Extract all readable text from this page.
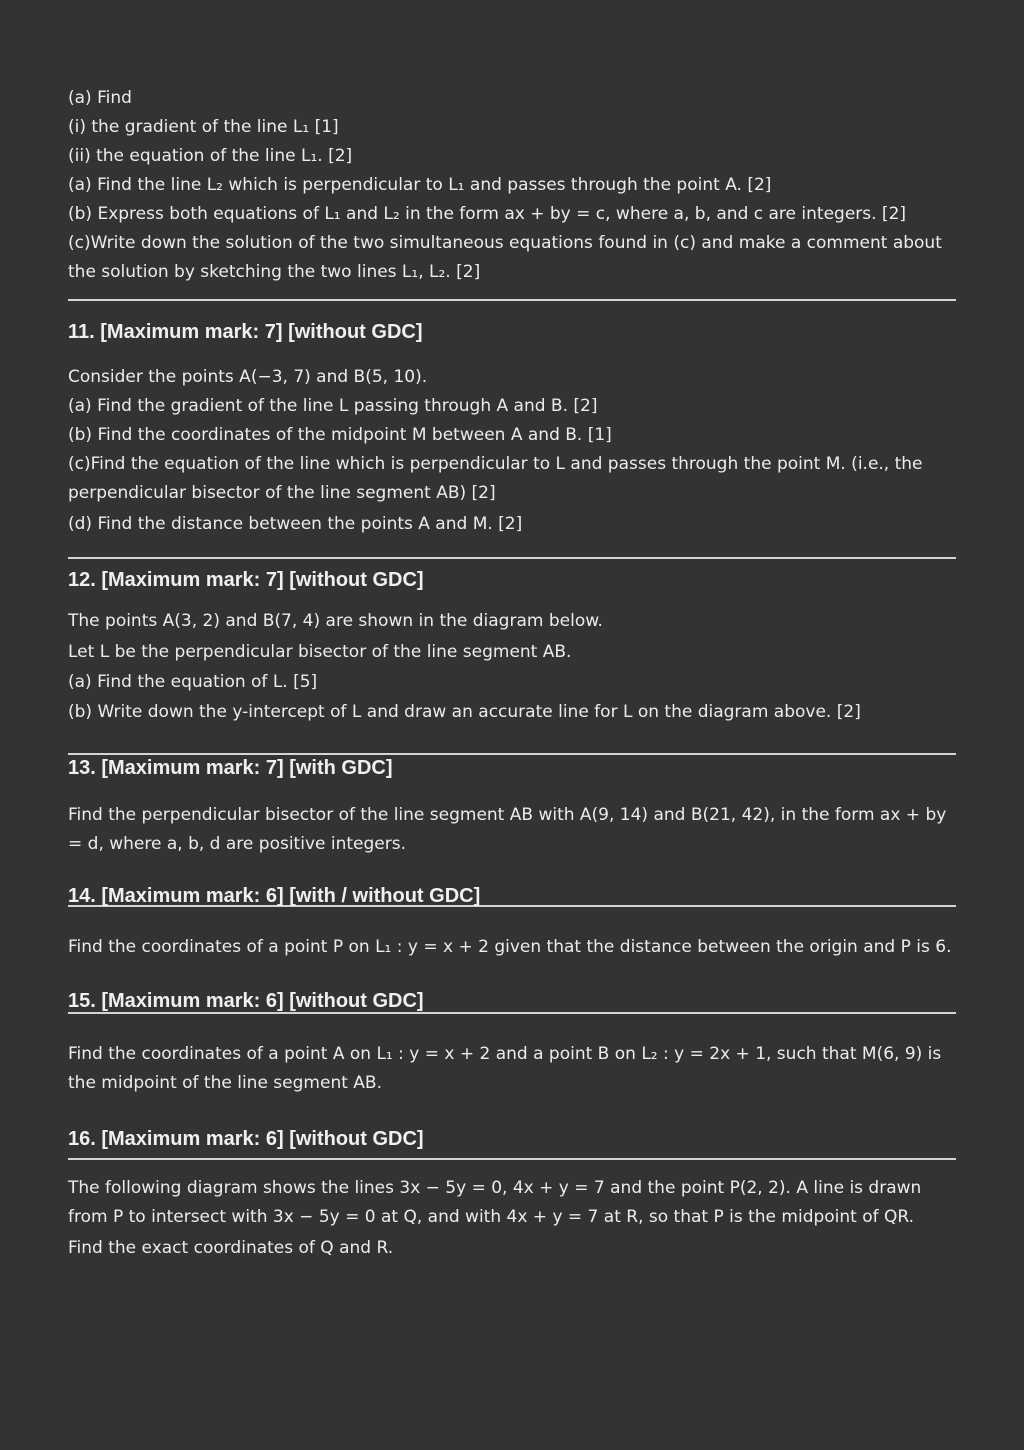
(a) Find
(i) the gradient of the line L₁ [1]
(ii) the equation of the line L₁. [2]
(a) Find the line L₂ which is perpendicular to L₁ and passes through the point A. [2]
(b) Express both equations of L₁ and L₂ in the form ax + by = c, where a, b, and c are integers. [2]
(c)Write down the solution of the two simultaneous equations found in (c) and make a comment about the solution by sketching the two lines L₁, L₂. [2]
11. [Maximum mark: 7] [without GDC]
Consider the points A(−3, 7) and B(5, 10).
(a) Find the gradient of the line L passing through A and B. [2]
(b) Find the coordinates of the midpoint M between A and B. [1]
(c)Find the equation of the line which is perpendicular to L and passes through the point M. (i.e., the perpendicular bisector of the line segment AB) [2]
(d) Find the distance between the points A and M. [2]
12. [Maximum mark: 7] [without GDC]
The points A(3, 2) and B(7, 4) are shown in the diagram below.
Let L be the perpendicular bisector of the line segment AB.
(a) Find the equation of L. [5]
(b) Write down the y-intercept of L and draw an accurate line for L on the diagram above. [2]
13. [Maximum mark: 7] [with GDC]
Find the perpendicular bisector of the line segment AB with A(9, 14) and B(21, 42), in the form ax + by = d, where a, b, d are positive integers.
14. [Maximum mark: 6] [with / without GDC]
Find the coordinates of a point P on L₁ : y = x + 2 given that the distance between the origin and P is 6.
15. [Maximum mark: 6] [without GDC]
Find the coordinates of a point A on L₁ : y = x + 2 and a point B on L₂ : y = 2x + 1, such that M(6, 9) is the midpoint of the line segment AB.
16. [Maximum mark: 6] [without GDC]
The following diagram shows the lines 3x − 5y = 0, 4x + y = 7 and the point P(2, 2). A line is drawn from P to intersect with 3x − 5y = 0 at Q, and with 4x + y = 7 at R, so that P is the midpoint of QR.
Find the exact coordinates of Q and R.
